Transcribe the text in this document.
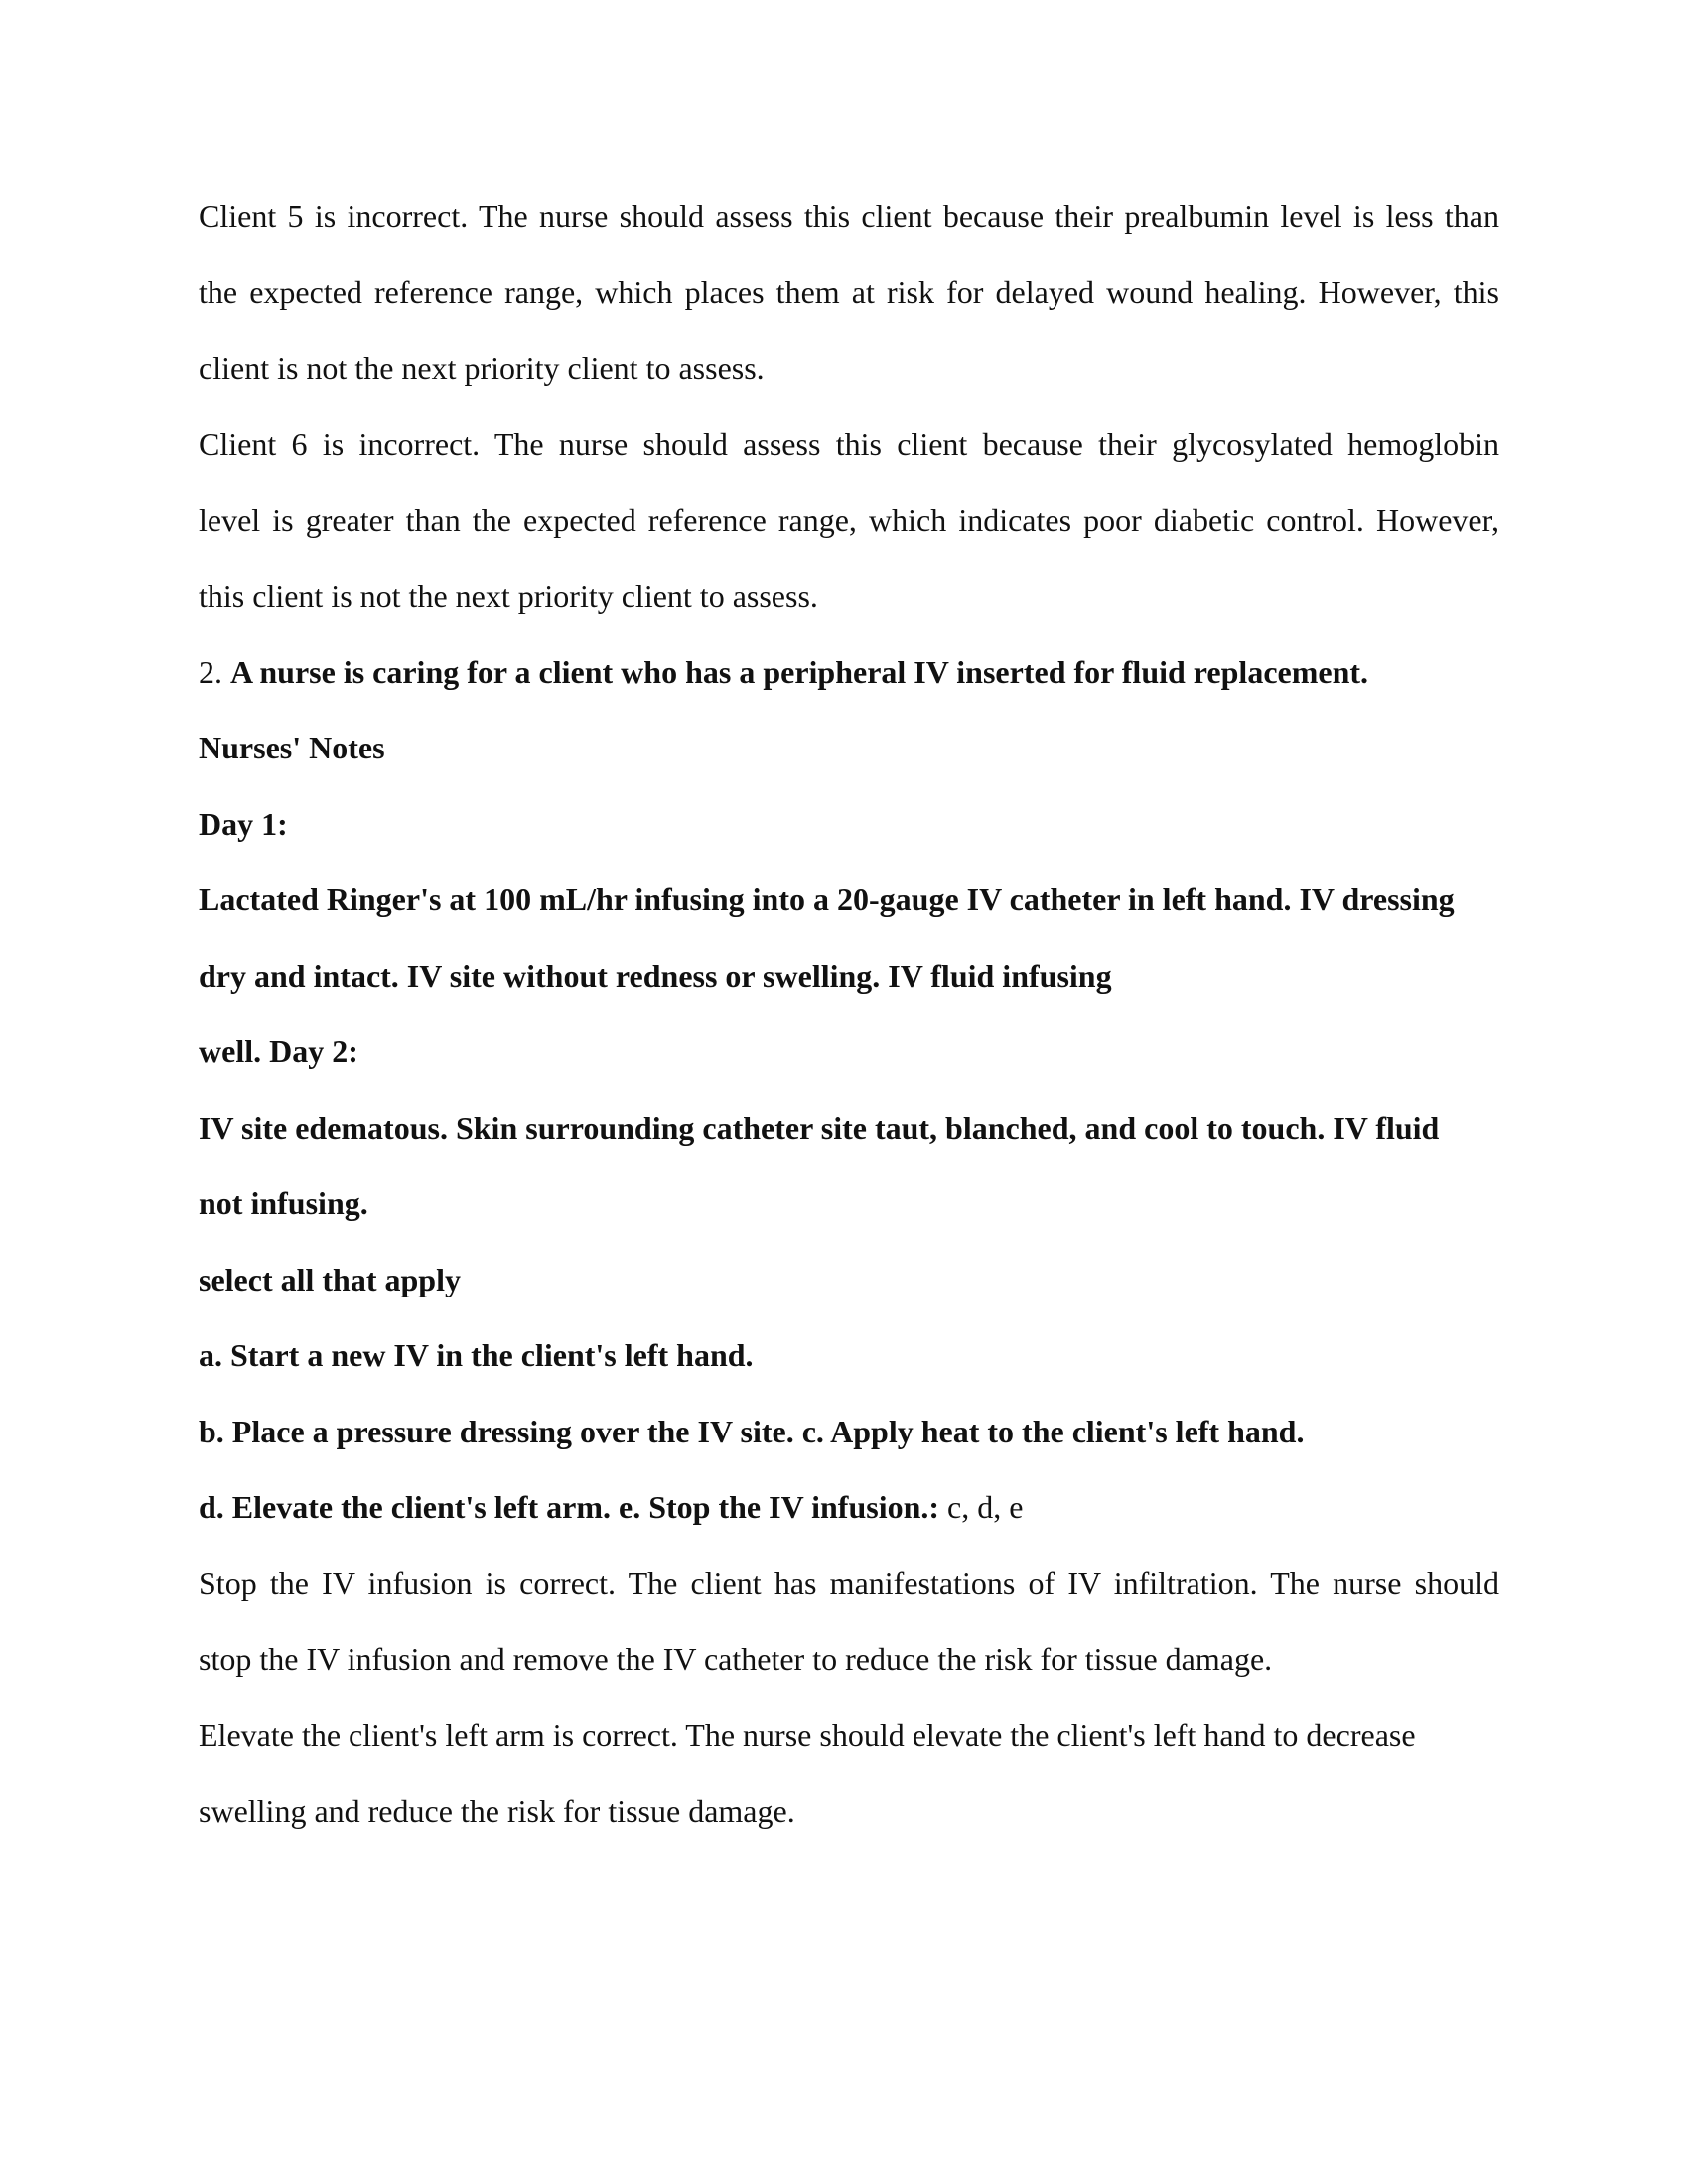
Client 5 is incorrect. The nurse should assess this client because their prealbumin level is less than
the expected reference range, which places them at risk for delayed wound healing. However, this
client is not the next priority client to assess.
Client 6 is incorrect. The nurse should assess this client because their glycosylated hemoglobin
level is greater than the expected reference range, which indicates poor diabetic control. However,
this client is not the next priority client to assess.
2. A nurse is caring for a client who has a peripheral IV inserted for fluid replacement.
Nurses' Notes
Day 1:
Lactated Ringer's at 100 mL/hr infusing into a 20-gauge IV catheter in left hand. IV dressing
dry and intact. IV site without redness or swelling. IV fluid infusing
well. Day 2:
IV site edematous. Skin surrounding catheter site taut, blanched, and cool to touch. IV fluid
not infusing.
select all that apply
a. Start a new IV in the client's left hand.
b. Place a pressure dressing over the IV site. c. Apply heat to the client's left hand.
d. Elevate the client's left arm. e. Stop the IV infusion.: c, d, e
Stop the IV infusion is correct. The client has manifestations of IV infiltration. The nurse should
stop the IV infusion and remove the IV catheter to reduce the risk for tissue damage.
Elevate the client's left arm is correct. The nurse should elevate the client's left hand to decrease
swelling and reduce the risk for tissue damage.
